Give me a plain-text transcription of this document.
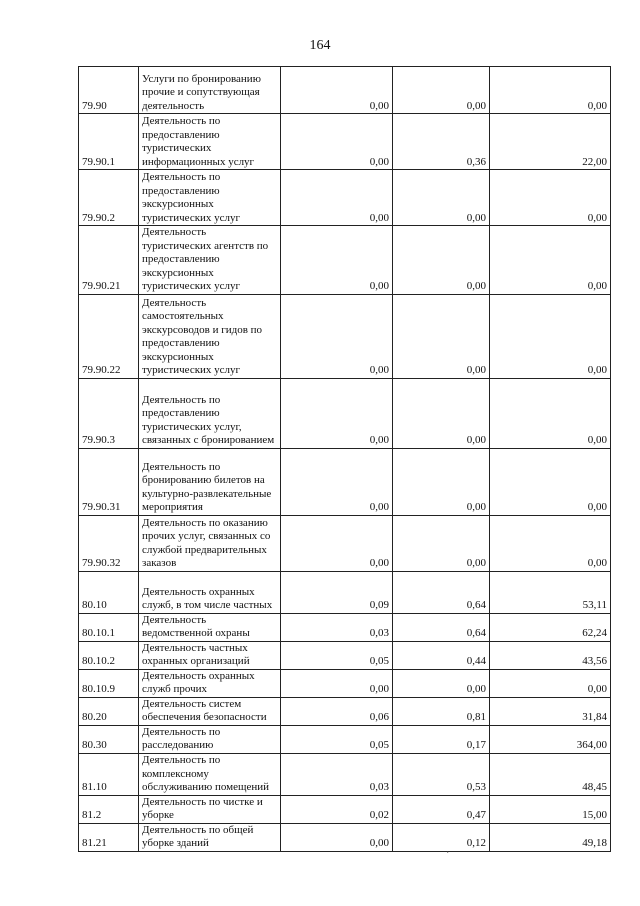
164
79.90	Услуги по бронированию прочие и сопутствующая деятельность	0,00	0,00	0,00
79.90.1	Деятельность по предоставлению туристических информационных услуг	0,00	0,36	22,00
79.90.2	Деятельность по предоставлению экскурсионных туристических услуг	0,00	0,00	0,00
79.90.21	Деятельность туристических агентств по предоставлению экскурсионных туристических услуг	0,00	0,00	0,00
79.90.22	Деятельность самостоятельных экскурсоводов и гидов по предоставлению экскурсионных туристических услуг	0,00	0,00	0,00
79.90.3	Деятельность по предоставлению туристических услуг, связанных с бронированием	0,00	0,00	0,00
79.90.31	Деятельность по бронированию билетов на культурно-развлекательные мероприятия	0,00	0,00	0,00
79.90.32	Деятельность по оказанию прочих услуг, связанных со службой предварительных заказов	0,00	0,00	0,00
80.10	Деятельность охранных служб, в том числе частных	0,09	0,64	53,11
80.10.1	Деятельность ведомственной охраны	0,03	0,64	62,24
80.10.2	Деятельность частных охранных организаций	0,05	0,44	43,56
80.10.9	Деятельность охранных служб прочих	0,00	0,00	0,00
80.20	Деятельность систем обеспечения безопасности	0,06	0,81	31,84
80.30	Деятельность по расследованию	0,05	0,17	364,00
81.10	Деятельность по комплексному обслуживанию помещений	0,03	0,53	48,45
81.2	Деятельность по чистке и уборке	0,02	0,47	15,00
81.21	Деятельность по общей уборке зданий	0,00	0,12	49,18
·
